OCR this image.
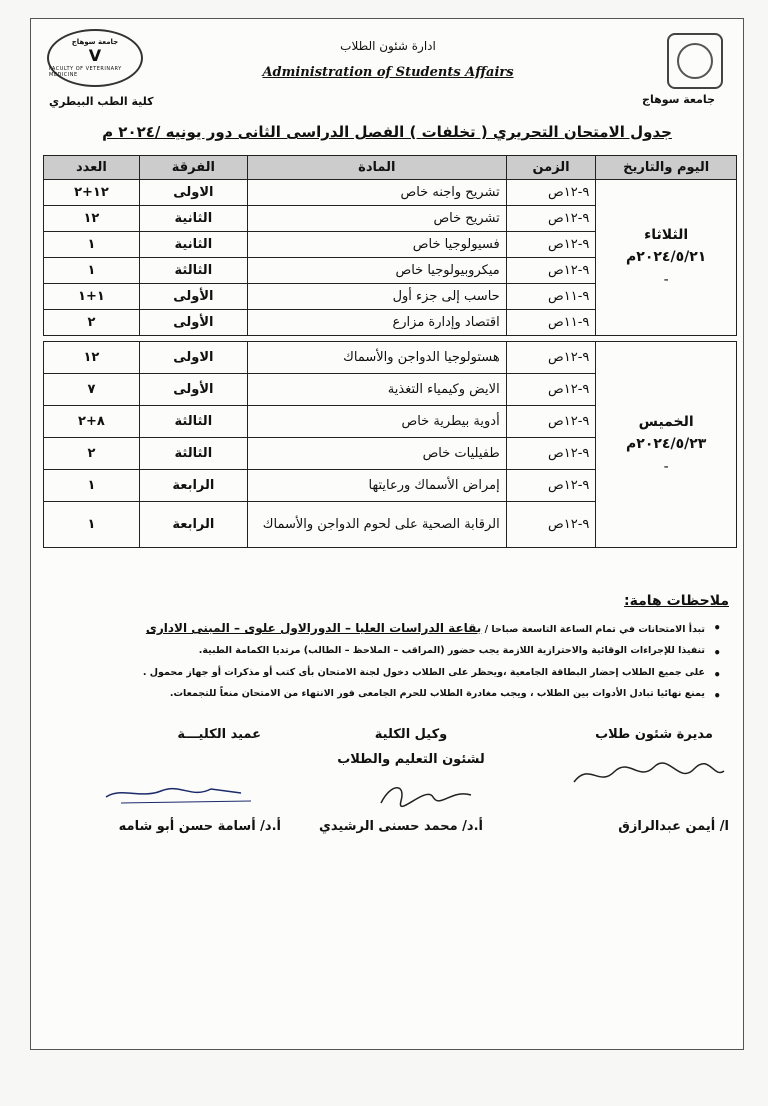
جامعة سوهاج
جامعة سوهاج
V
FACULTY OF VETERINARY MEDICINE
كلية الطب البيطري
ادارة شئون الطلاب
Administration of Students Affairs
جدول الامتحان التحريري ( تخلفات ) الفصل الدراسى الثانى دور يونيه /٢٠٢٤ م
اليوم والتاريخ	الزمن	المادة	الفرقة	العدد
الثلاثاء
٢٠٢٤/٥/٢١م
-	٩-١٢ص	تشريح واجنه خاص	الاولى	١٢+٢
	٩-١٢ص	تشريح خاص	الثانية	١٢
	٩-١٢ص	فسيولوجيا خاص	الثانية	١
	٩-١٢ص	ميكروبيولوجيا خاص	الثالثة	١
	٩-١١ص	حاسب إلى جزء أول	الأولى	١+١
	٩-١١ص	اقتصاد وإدارة مزارع	الأولى	٢

الخميس
٢٠٢٤/٥/٢٣م
-	٩-١٢ص	هستولوجيا الدواجن والأسماك	الاولى	١٢
	٩-١٢ص	الايض وكيمياء التغذية	الأولى	٧
	٩-١٢ص	أدوية بيطرية خاص	الثالثة	٨+٢
	٩-١٢ص	طفيليات خاص	الثالثة	٢
	٩-١٢ص	إمراض الأسماك ورعايتها	الرابعة	١
	٩-١٢ص	الرقابة الصحية على لحوم الدواجن والأسماك	الرابعة	١
ملاحظات هامة:
• تبدأ الامتحانات في تمام الساعة التاسعة صباحا / بقاعة الدراسات العليا – الدورالاول علوى – المبنى الادارى
• تنفيذا للإجراءات الوقائية والاحترازية اللازمة يجب حضور (المراقب – الملاحظ – الطالب) مرتديا الكمامة الطبية.
• على جميع الطلاب إحضار البطاقة الجامعية ،ويحظر على الطلاب دخول لجنة الامتحان بأى كتب أو مذكرات أو جهاز محمول .
• يمنع نهائيا تبادل الأدوات بين الطلاب ، ويجب مغادرة الطلاب للحرم الجامعى فور الانتهاء من الامتحان منعاً للتجمعات.
مديرة شئون طلاب
ا/ أيمن عبدالرازق
وكيل الكلية
لشئون التعليم والطلاب
أ.د/ محمد حسنى الرشيدي
عميد الكليـــة
أ.د/ أسامة حسن أبو شامه
